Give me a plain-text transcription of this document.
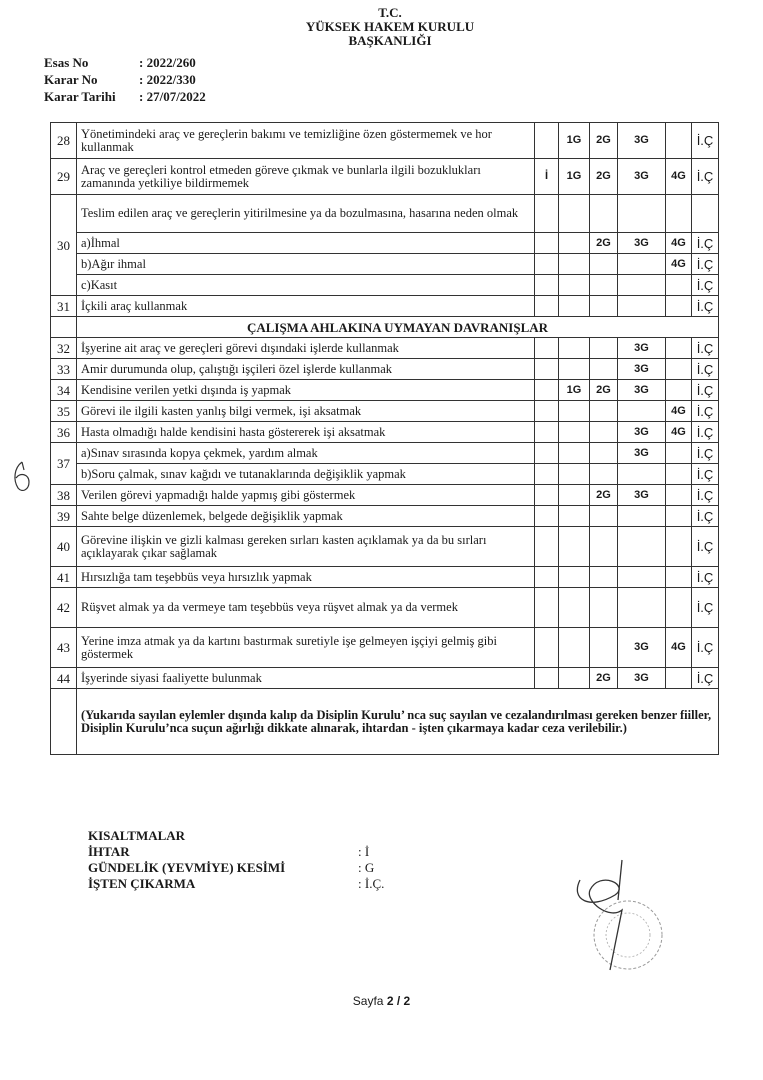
T.C.
YÜKSEK HAKEM KURULU
BAŞKANLIĞI
Esas No	: 2022/260
Karar No	: 2022/330
Karar Tarihi : 27/07/2022
28	Yönetimindeki araç ve gereçlerin bakımı ve temizliğine özen göstermemek ve hor kullanmak		1G	2G	3G		İ.Ç
29	Araç ve gereçleri kontrol etmeden göreve çıkmak ve bunlarla ilgili bozuklukları zamanında yetkiliye bildirmemek	İ	1G	2G	3G	4G	İ.Ç
30	Teslim edilen araç ve gereçlerin yitirilmesine ya da bozulmasına, hasarına neden olmak						
	a)İhmal			2G	3G	4G	İ.Ç
	b)Ağır ihmal					4G	İ.Ç
	c)Kasıt						İ.Ç
31	İçkili araç kullanmak						İ.Ç
	ÇALIŞMA AHLAKINA UYMAYAN DAVRANIŞLAR						
32	İşyerine ait araç ve gereçleri görevi dışındaki işlerde kullanmak				3G		İ.Ç
33	Amir durumunda olup, çalıştığı işçileri özel işlerde kullanmak				3G		İ.Ç
34	Kendisine verilen yetki dışında iş yapmak		1G	2G	3G		İ.Ç
35	Görevi ile ilgili kasten yanlış bilgi vermek, işi aksatmak					4G	İ.Ç
36	Hasta olmadığı halde kendisini hasta göstererek işi aksatmak				3G	4G	İ.Ç
37	a)Sınav sırasında kopya çekmek, yardım almak				3G		İ.Ç
	b)Soru çalmak, sınav kağıdı ve tutanaklarında değişiklik yapmak						İ.Ç
38	Verilen görevi yapmadığı halde yapmış gibi göstermek			2G	3G		İ.Ç
39	Sahte belge düzenlemek, belgede değişiklik yapmak						İ.Ç
40	Görevine ilişkin ve gizli kalması gereken sırları kasten açıklamak ya da bu sırları açıklayarak çıkar sağlamak						İ.Ç
41	Hırsızlığa tam teşebbüs veya hırsızlık yapmak						İ.Ç
42	Rüşvet almak ya da vermeye tam teşebbüs veya rüşvet almak ya da vermek						İ.Ç
43	Yerine imza atmak ya da kartını bastırmak suretiyle işe gelmeyen işçiyi gelmiş gibi göstermek				3G	4G	İ.Ç
44	İşyerinde siyasi faaliyette bulunmak			2G	3G		İ.Ç
	(Yukarıda sayılan eylemler dışında kalıp da Disiplin Kurulu’ nca suç sayılan ve cezalandırılması gereken benzer fiiller, Disiplin Kurulu’nca suçun ağırlığı dikkate alınarak, ihtardan - işten çıkarmaya kadar ceza verilebilir.)						
KISALTMALAR
İHTAR	: İ
GÜNDELİK (YEVMİYE) KESİMİ	: G
İŞTEN ÇIKARMA	: İ.Ç.
Sayfa 2 / 2
